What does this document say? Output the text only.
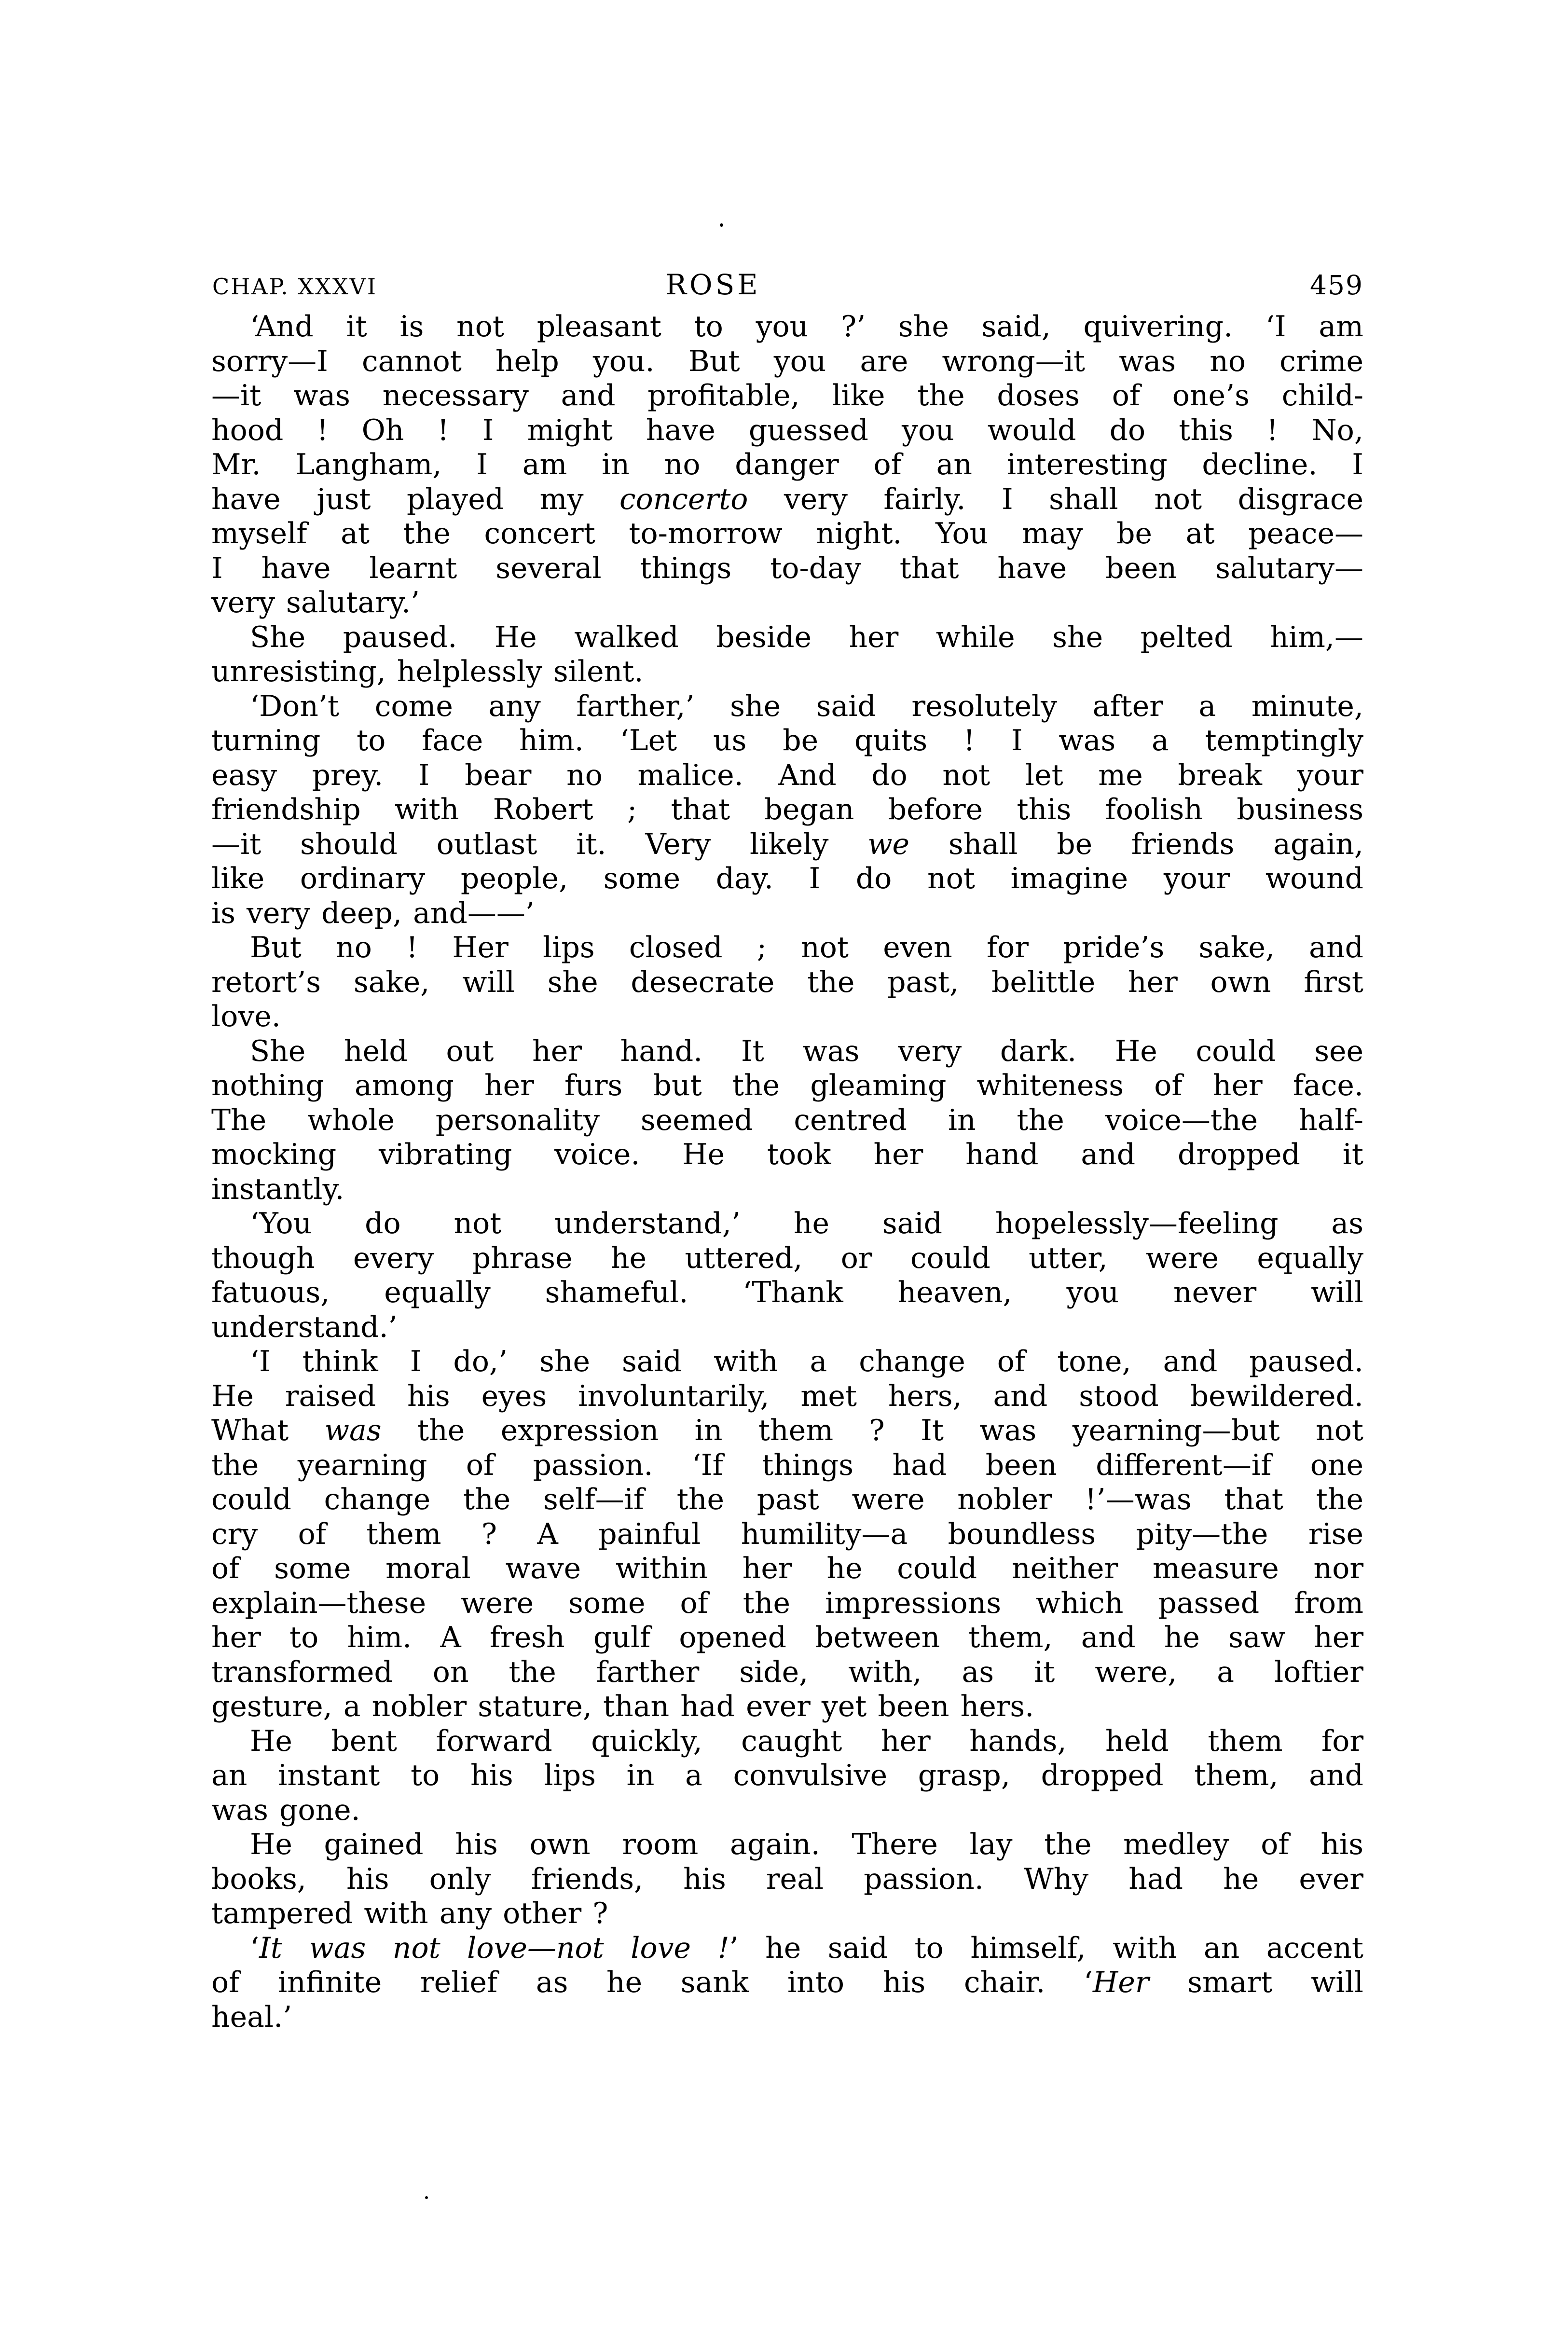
CHAP. XXXVI	ROSE	459
‘And it is not pleasant to you ?’ she said, quivering. ‘I am
sorry—I cannot help you. But you are wrong—it was no crime
—it was necessary and profitable, like the doses of one’s child-
hood ! Oh ! I might have guessed you would do this ! No,
Mr. Langham, I am in no danger of an interesting decline. I
have just played my concerto very fairly. I shall not disgrace
myself at the concert to-morrow night. You may be at peace—
I have learnt several things to-day that have been salutary—
very salutary.’
She paused. He walked beside her while she pelted him,—
unresisting, helplessly silent.
‘Don’t come any farther,’ she said resolutely after a minute,
turning to face him. ‘Let us be quits ! I was a temptingly
easy prey. I bear no malice. And do not let me break your
friendship with Robert ; that began before this foolish business
—it should outlast it. Very likely we shall be friends again,
like ordinary people, some day. I do not imagine your wound
is very deep, and——’
But no ! Her lips closed ; not even for pride’s sake, and
retort’s sake, will she desecrate the past, belittle her own first
love.
She held out her hand. It was very dark. He could see
nothing among her furs but the gleaming whiteness of her face.
The whole personality seemed centred in the voice—the half-
mocking vibrating voice. He took her hand and dropped it
instantly.
‘You do not understand,’ he said hopelessly—feeling as
though every phrase he uttered, or could utter, were equally
fatuous, equally shameful. ‘Thank heaven, you never will
understand.’
‘I think I do,’ she said with a change of tone, and paused.
He raised his eyes involuntarily, met hers, and stood bewildered.
What was the expression in them ? It was yearning—but not
the yearning of passion. ‘If things had been different—if one
could change the self—if the past were nobler !’—was that the
cry of them ? A painful humility—a boundless pity—the rise
of some moral wave within her he could neither measure nor
explain—these were some of the impressions which passed from
her to him. A fresh gulf opened between them, and he saw her
transformed on the farther side, with, as it were, a loftier
gesture, a nobler stature, than had ever yet been hers.
He bent forward quickly, caught her hands, held them for
an instant to his lips in a convulsive grasp, dropped them, and
was gone.
He gained his own room again. There lay the medley of his
books, his only friends, his real passion. Why had he ever
tampered with any other ?
‘It was not love—not love !’ he said to himself, with an accent
of infinite relief as he sank into his chair. ‘Her smart will
heal.’
